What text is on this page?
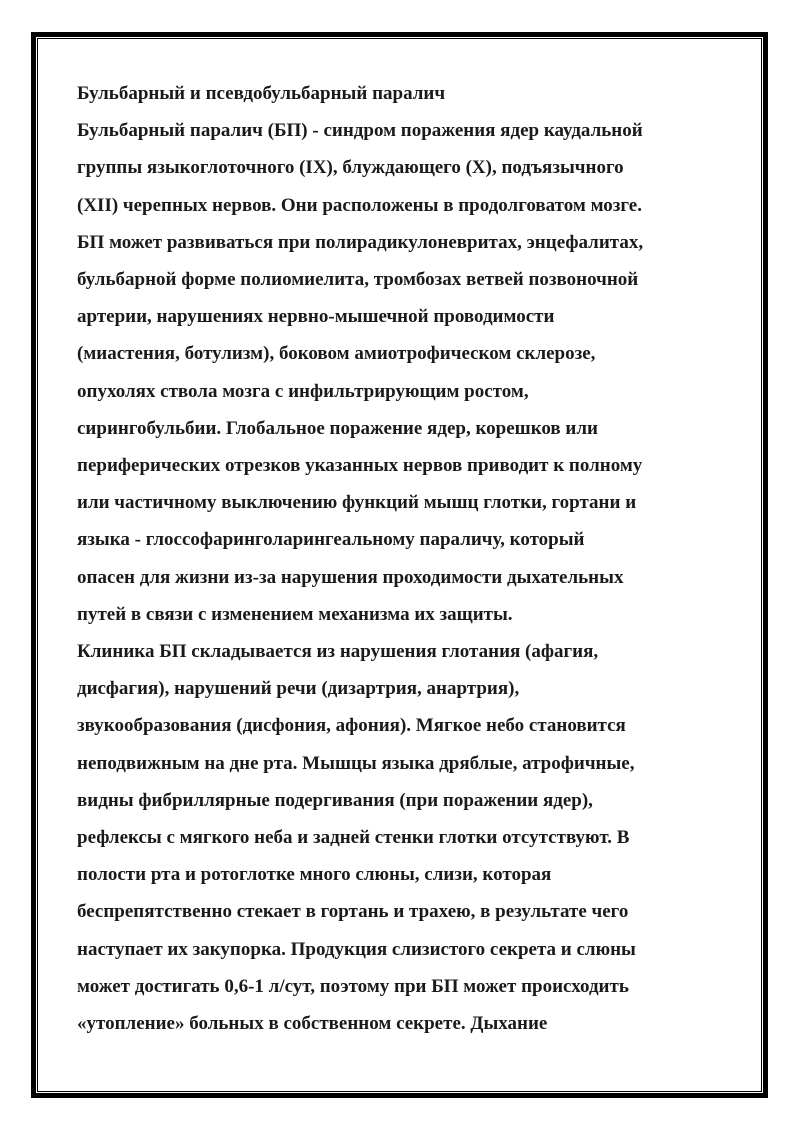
Бульбарный и псевдобульбарный паралич

Бульбарный паралич (БП) - синдром поражения ядер каудальной

группы языкоглоточного (IX), блуждающего (X), подъязычного

(XII) черепных нервов. Они расположены в продолговатом мозге.

БП может развиваться при полирадикулоневритах, энцефалитах,

бульбарной форме полиомиелита, тромбозах ветвей позвоночной

артерии, нарушениях нервно-мышечной проводимости

(миастения, ботулизм), боковом амиотрофическом склерозе,

опухолях ствола мозга с инфильтрирующим ростом,

сирингобульбии. Глобальное поражение ядер, корешков или

периферических отрезков указанных нервов приводит к полному

или частичному выключению функций мышц глотки, гортани и

языка - глоссофаринголарингеальному параличу, который

опасен для жизни из-за нарушения проходимости дыхательных

путей в связи с изменением механизма их защиты.

Клиника БП складывается из нарушения глотания (афагия,

дисфагия), нарушений речи (дизартрия, анартрия),

звукообразования (дисфония, афония). Мягкое небо становится

неподвижным на дне рта. Мышцы языка дряблые, атрофичные,

видны фибриллярные подергивания (при поражении ядер),

рефлексы с мягкого неба и задней стенки глотки отсутствуют. В

полости рта и ротоглотке много слюны, слизи, которая

беспрепятственно стекает в гортань и трахею, в результате чего

наступает их закупорка. Продукция слизистого секрета и слюны

может достигать 0,6-1 л/сут, поэтому при БП может происходить

«утопление» больных в собственном секрете. Дыхание
